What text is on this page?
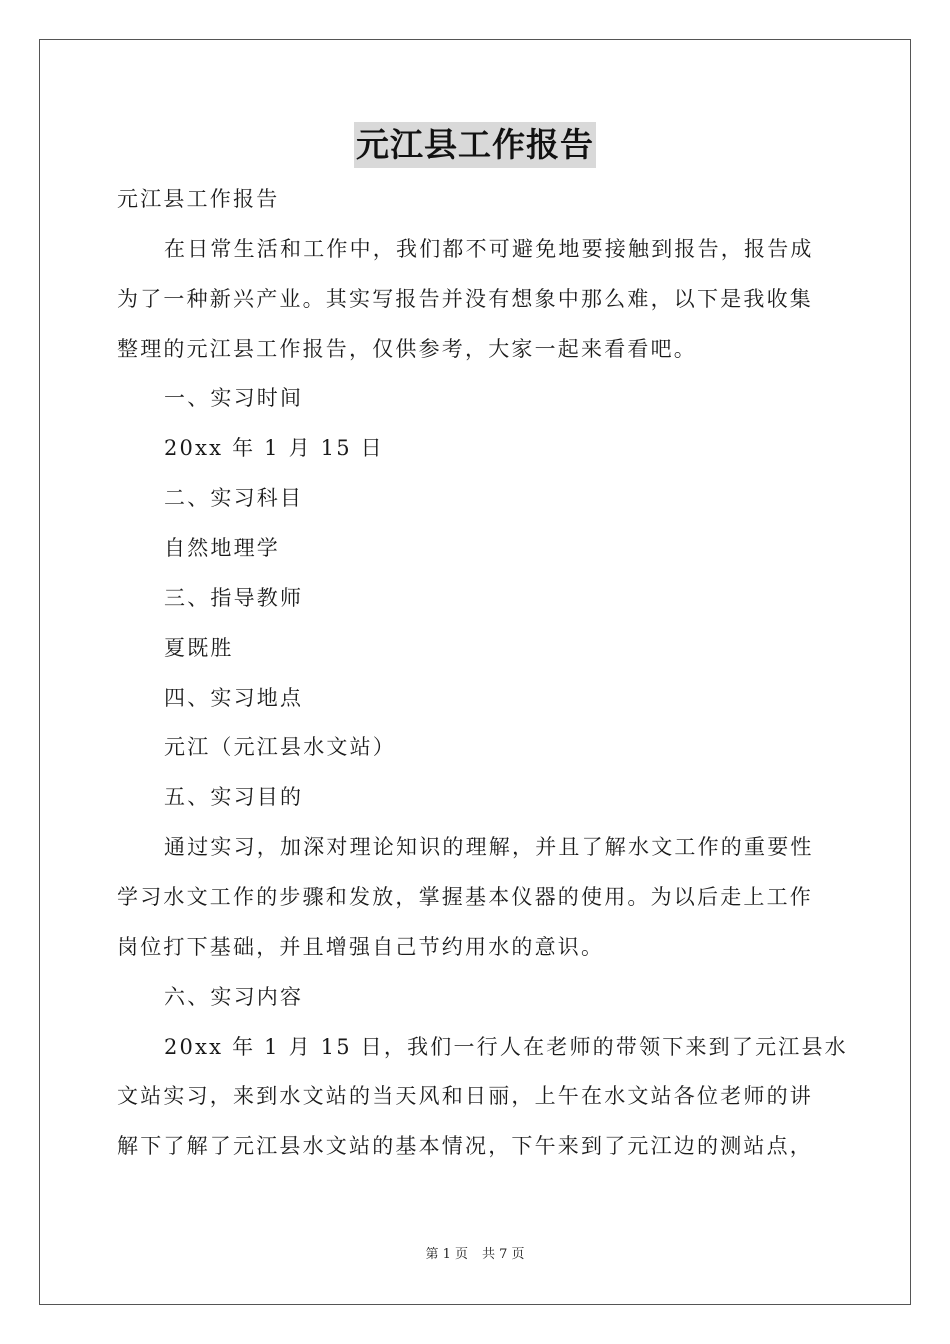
元江县工作报告
元江县工作报告
在日常生活和工作中，我们都不可避免地要接触到报告，报告成
为了一种新兴产业。其实写报告并没有想象中那么难，以下是我收集
整理的元江县工作报告，仅供参考，大家一起来看看吧。
一、实习时间
20xx 年 1 月 15 日
二、实习科目
自然地理学
三、指导教师
夏既胜
四、实习地点
元江（元江县水文站）
五、实习目的
通过实习，加深对理论知识的理解，并且了解水文工作的重要性
学习水文工作的步骤和发放，掌握基本仪器的使用。为以后走上工作
岗位打下基础，并且增强自己节约用水的意识。
六、实习内容
20xx 年 1 月 15 日，我们一行人在老师的带领下来到了元江县水
文站实习，来到水文站的当天风和日丽，上午在水文站各位老师的讲
解下了解了元江县水文站的基本情况，下午来到了元江边的测站点，
第 1 页 共 7 页
